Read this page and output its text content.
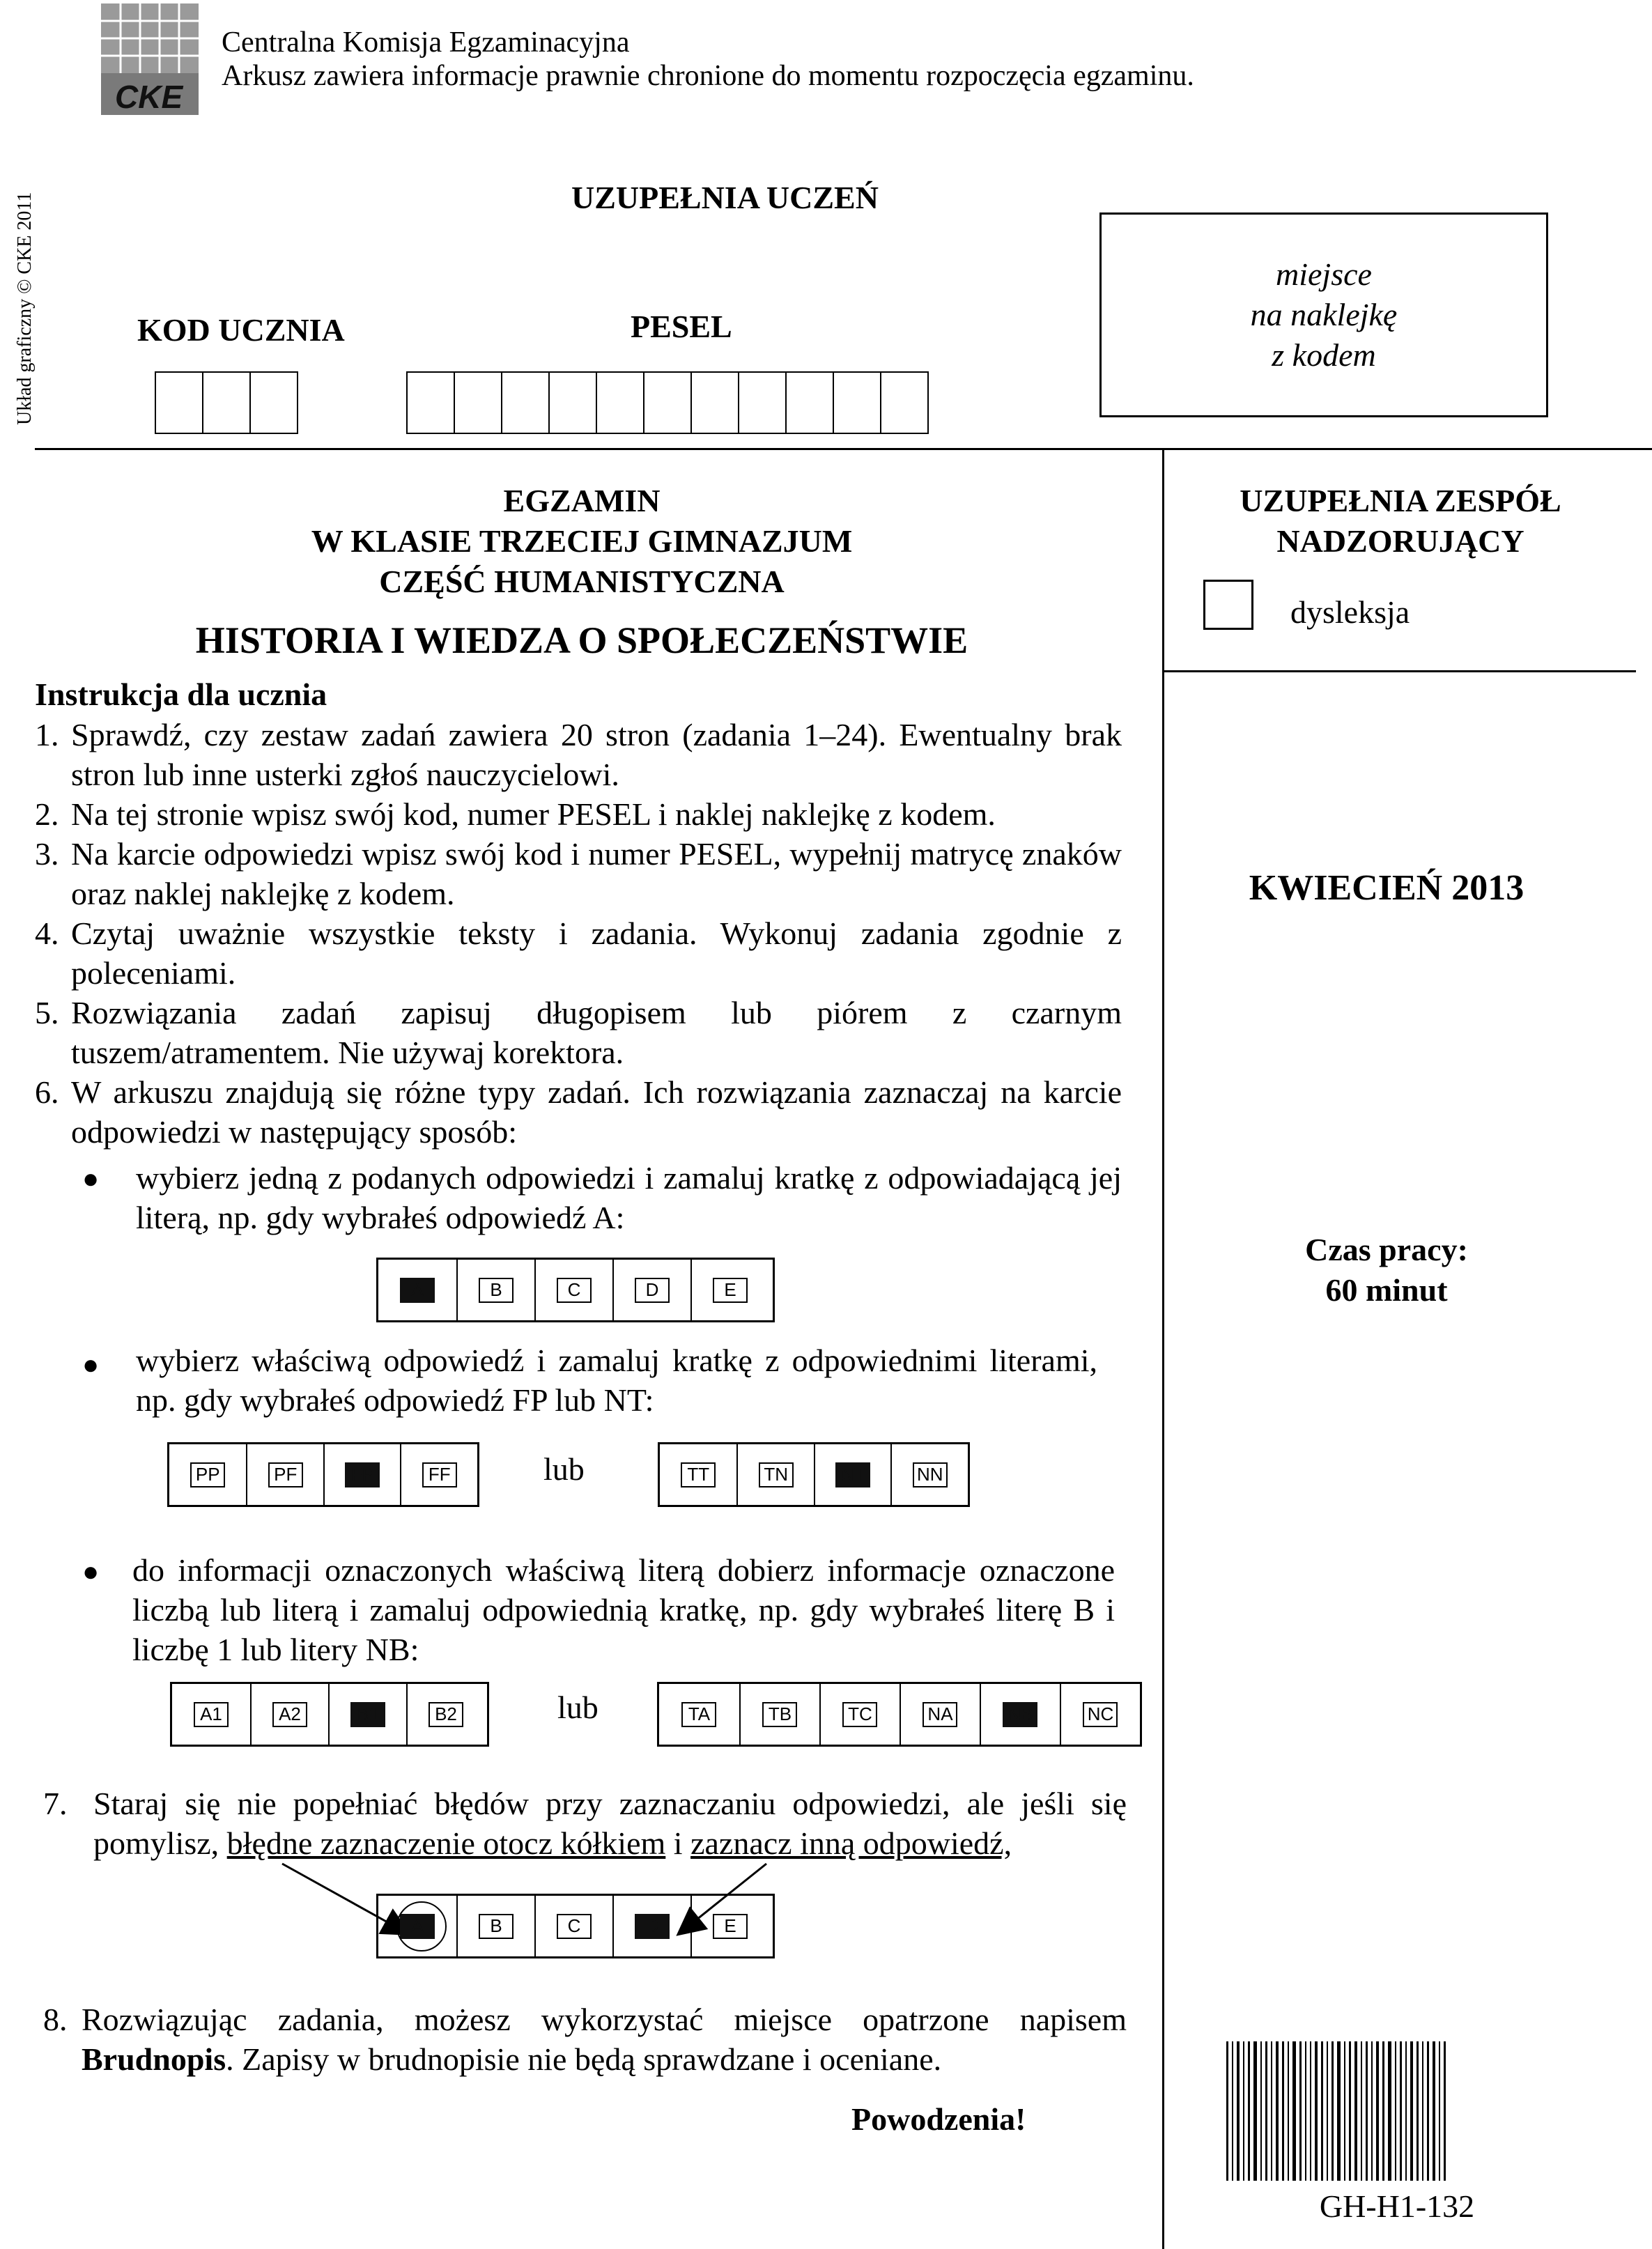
CKE
Centralna Komisja Egzaminacyjna
Arkusz zawiera informacje prawnie chronione do momentu rozpoczęcia egzaminu.
Układ graficzny © CKE 2011	UZUPEŁNIA UCZEŃ
KOD UCZNIA	PESEL
miejsce
na naklejkę
z kodem
EGZAMIN
W KLASIE TRZECIEJ GIMNAZJUM
CZĘŚĆ HUMANISTYCZNA
HISTORIA I WIEDZA O SPOŁECZEŃSTWIE
UZUPEŁNIA ZESPÓŁ
NADZORUJĄCY
dysleksja
KWIECIEŃ 2013
Czas pracy:
60 minut
Instrukcja dla ucznia
1. Sprawdź, czy zestaw zadań zawiera 20 stron (zadania 1–24). Ewentualny brak stron lub inne usterki zgłoś nauczycielowi.
2. Na tej stronie wpisz swój kod, numer PESEL i naklej naklejkę z kodem.
3. Na karcie odpowiedzi wpisz swój kod i numer PESEL, wypełnij matrycę znaków oraz naklej naklejkę z kodem.
4. Czytaj uważnie wszystkie teksty i zadania. Wykonuj zadania zgodnie z poleceniami.
5. Rozwiązania zadań zapisuj długopisem lub piórem z czarnym tuszem/atramentem. Nie używaj korektora.
6. W arkuszu znajdują się różne typy zadań. Ich rozwiązania zaznaczaj na karcie odpowiedzi w następujący sposób:
● wybierz jedną z podanych odpowiedzi i zamaluj kratkę z odpowiadającą jej literą, np. gdy wybrałeś odpowiedź A:
A	B	C	D	E
● wybierz właściwą odpowiedź i zamaluj kratkę z odpowiednimi literami, np. gdy wybrałeś odpowiedź FP lub NT:
PP	PF	FP	FF	lub	TT	TN	NT	NN
● do informacji oznaczonych właściwą literą dobierz informacje oznaczone liczbą lub literą i zamaluj odpowiednią kratkę, np. gdy wybrałeś literę B i liczbę 1 lub litery NB:
A1	A2	B1	B2	lub	TA	TB	TC	NA	NB	NC
7. Staraj się nie popełniać błędów przy zaznaczaniu odpowiedzi, ale jeśli się pomylisz, błędne zaznaczenie otocz kółkiem i zaznacz inną odpowiedź,
A	B	C	D	E
8. Rozwiązując zadania, możesz wykorzystać miejsce opatrzone napisem Brudnopis. Zapisy w brudnopisie nie będą sprawdzane i oceniane.
Powodzenia!
GH-H1-132
